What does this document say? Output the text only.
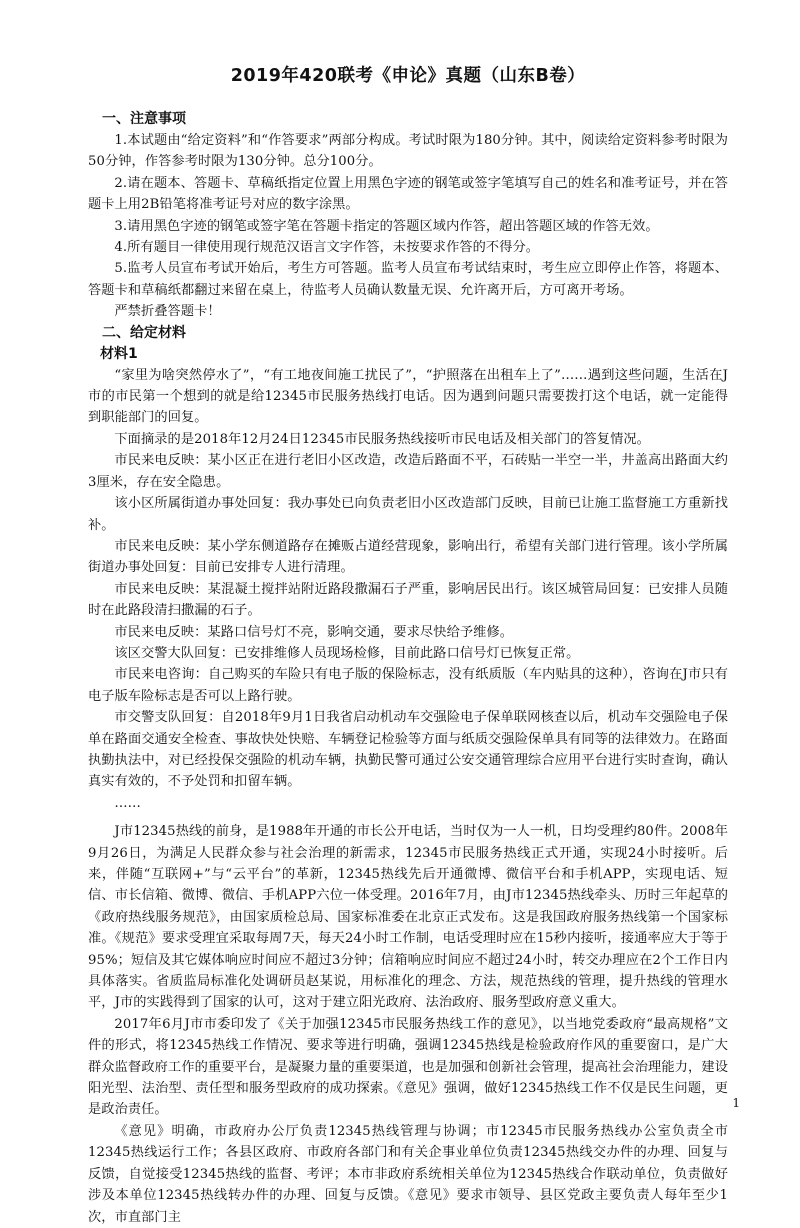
2019年420联考《申论》真题（山东B卷）
一、注意事项

1.本试题由“给定资料”和“作答要求”两部分构成。考试时限为180分钟。其中，阅读给定资料参考时限为50分钟，作答参考时限为130分钟。总分100分。

2.请在题本、答题卡、草稿纸指定位置上用黑色字迹的钢笔或签字笔填写自己的姓名和准考证号，并在答题卡上用2B铅笔将准考证号对应的数字涂黑。

3.请用黑色字迹的钢笔或签字笔在答题卡指定的答题区域内作答，超出答题区域的作答无效。

4.所有题目一律使用现行规范汉语言文字作答，未按要求作答的不得分。

5.监考人员宣布考试开始后，考生方可答题。监考人员宣布考试结束时，考生应立即停止作答，将题本、答题卡和草稿纸都翻过来留在桌上，待监考人员确认数量无误、允许离开后，方可离开考场。

严禁折叠答题卡！

二、给定材料
材料1

“家里为啥突然停水了”，“有工地夜间施工扰民了”，“护照落在出租车上了”……遇到这些问题，生活在J市的市民第一个想到的就是给12345市民服务热线打电话。因为遇到问题只需要拨打这个电话，就一定能得到职能部门的回复。

下面摘录的是2018年12月24日12345市民服务热线接听市民电话及相关部门的答复情况。

市民来电反映：某小区正在进行老旧小区改造，改造后路面不平，石砖贴一半空一半，井盖高出路面大约3厘米，存在安全隐患。

该小区所属街道办事处回复：我办事处已向负责老旧小区改造部门反映，目前已让施工监督施工方重新找补。

市民来电反映：某小学东侧道路存在摊贩占道经营现象，影响出行，希望有关部门进行管理。该小学所属街道办事处回复：目前已安排专人进行清理。

市民来电反映：某混凝土搅拌站附近路段撒漏石子严重，影响居民出行。该区城管局回复：已安排人员随时在此路段清扫撒漏的石子。

市民来电反映：某路口信号灯不亮，影响交通，要求尽快给予维修。

该区交警大队回复：已安排维修人员现场检修，目前此路口信号灯已恢复正常。

市民来电咨询：自己购买的车险只有电子版的保险标志，没有纸质版（车内贴具的这种），咨询在J市只有电子版车险标志是否可以上路行驶。

市交警支队回复：自2018年9月1日我省启动机动车交强险电子保单联网核查以后，机动车交强险电子保单在路面交通安全检查、事故快处快赔、车辆登记检验等方面与纸质交强险保单具有同等的法律效力。在路面执勤执法中，对已经投保交强险的机动车辆，执勤民警可通过公安交通管理综合应用平台进行实时查询，确认真实有效的，不予处罚和扣留车辆。

……

J市12345热线的前身，是1988年开通的市长公开电话，当时仅为一人一机，日均受理约80件。2008年9月26日，为满足人民群众参与社会治理的新需求，12345市民服务热线正式开通，实现24小时接听。后来，伴随“互联网+”与“云平台”的革新，12345热线先后开通微博、微信平台和手机APP，实现电话、短信、市长信箱、微博、微信、手机APP六位一体受理。2016年7月，由J市12345热线牵头、历时三年起草的《政府热线服务规范》，由国家质检总局、国家标准委在北京正式发布。这是我国政府服务热线第一个国家标准。《规范》要求受理宜采取每周7天，每天24小时工作制，电话受理时应在15秒内接听，接通率应大于等于95%；短信及其它媒体响应时间应不超过3分钟；信箱响应时间应不超过24小时，转交办理应在2个工作日内具体落实。省质监局标准化处调研员赵某说，用标准化的理念、方法，规范热线的管理，提升热线的管理水平，J市的实践得到了国家的认可，这对于建立阳光政府、法治政府、服务型政府意义重大。

2017年6月J市市委印发了《关于加强12345市民服务热线工作的意见》，以当地党委政府“最高规格”文件的形式，将12345热线工作情况、要求等进行明确，强调12345热线是检验政府作风的重要窗口，是广大群众监督政府工作的重要平台，是凝聚力量的重要渠道，也是加强和创新社会管理，提高社会治理能力，建设阳光型、法治型、责任型和服务型政府的成功探索。《意见》强调，做好12345热线工作不仅是民生问题，更是政治责任。

《意见》明确，市政府办公厅负责12345热线管理与协调；市12345市民服务热线办公室负责全市12345热线运行工作；各县区政府、市政府各部门和有关企事业单位负责12345热线交办件的办理、回复与反馈，自觉接受12345热线的监督、考评；本市非政府系统相关单位为12345热线合作联动单位，负责做好涉及本单位12345热线转办件的办理、回复与反馈。《意见》要求市领导、县区党政主要负责人每年至少1次，市直部门主

1
